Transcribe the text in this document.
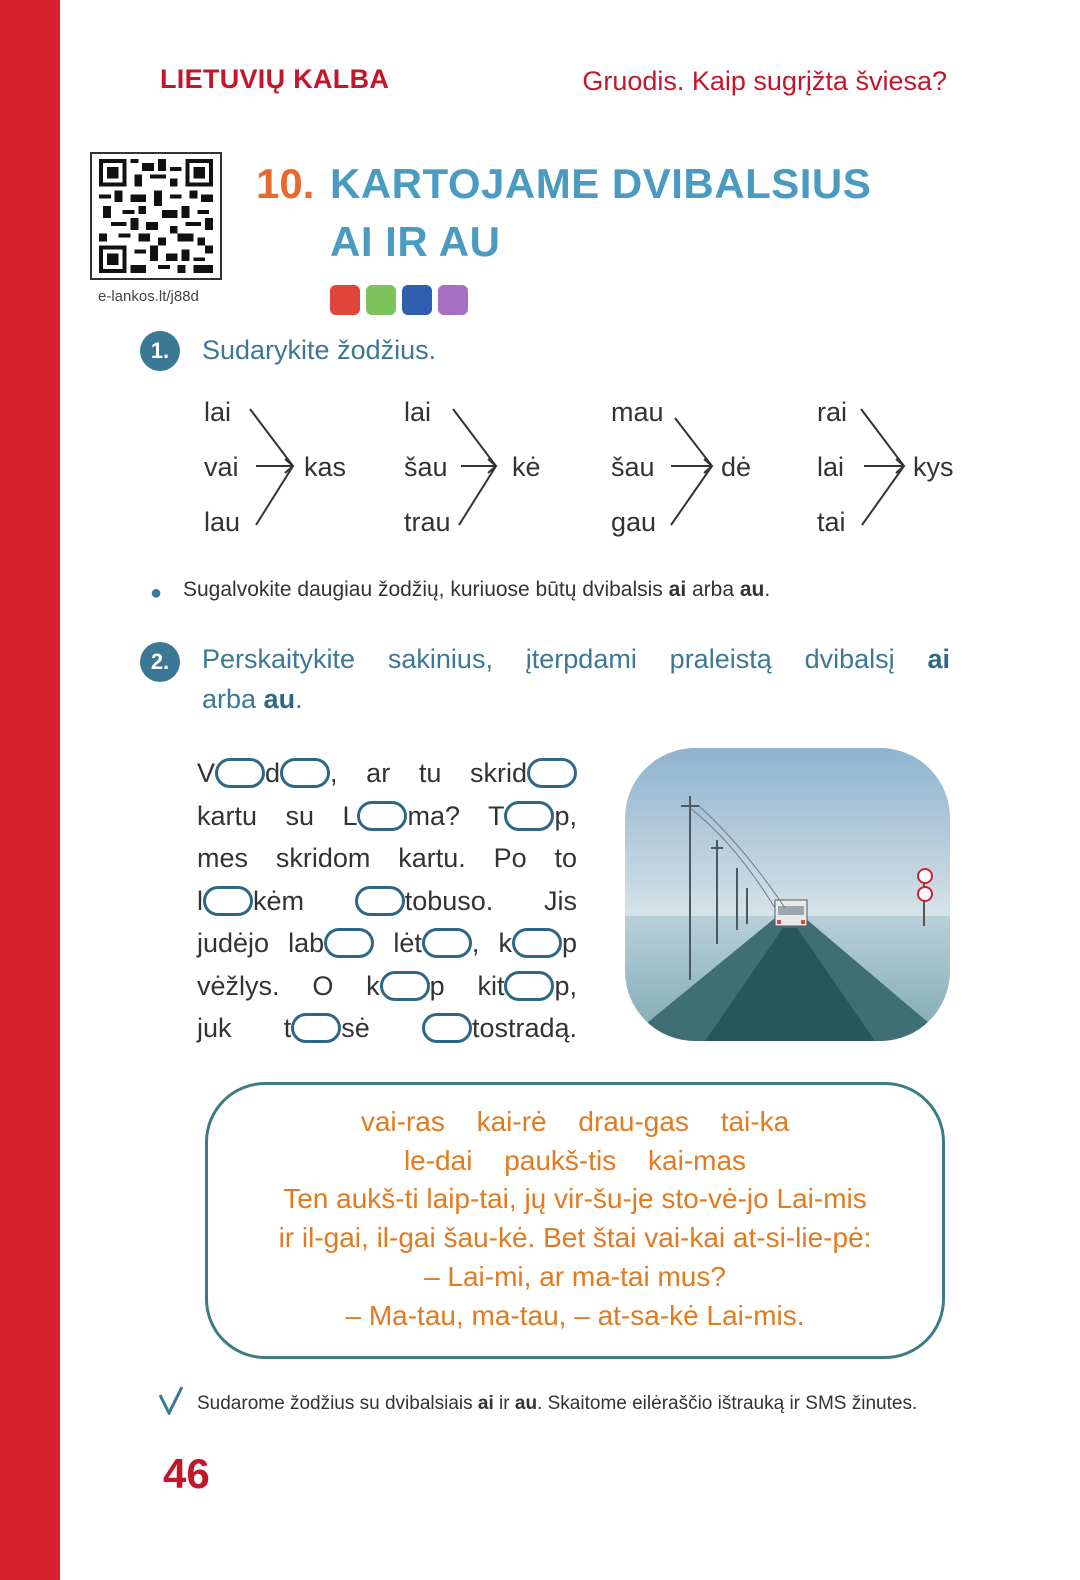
LIETUVIŲ KALBA	Gruodis. Kaip sugrįžta šviesa?
e-lankos.lt/j88d
10. KARTOJAME DVIBALSIUS
AI IR AU
1.	Sudarykite žodžius.
lai
vai
lau
kas
lai
šau
trau
kė
mau
šau
gau
dė
rai
lai
tai
kys
● Sugalvokite daugiau žodžių, kuriuose būtų dvibalsis ai arba au.
2.	Perskaitykite sakinius, įterpdami praleistą dvibalsį ai
arba au.
V d , ar tu skrid
kartu su L ma? T p,
mes skridom kartu. Po to
l kėm tobuso. Jis
judėjo lab lėt , k p
vėžlys. O k p kit p,
juk t sė tostradą.
vai-ras kai-rė drau-gas tai-ka
le-dai paukš-tis kai-mas
Ten aukš-ti laip-tai, jų vir-šu-je sto-vė-jo Lai-mis
ir il-gai, il-gai šau-kė. Bet štai vai-kai at-si-lie-pė:
– Lai-mi, ar ma-tai mus?
– Ma-tau, ma-tau, – at-sa-kė Lai-mis.
Sudarome žodžius su dvibalsiais ai ir au. Skaitome eilėraščio ištrauką ir SMS žinutes.
46
